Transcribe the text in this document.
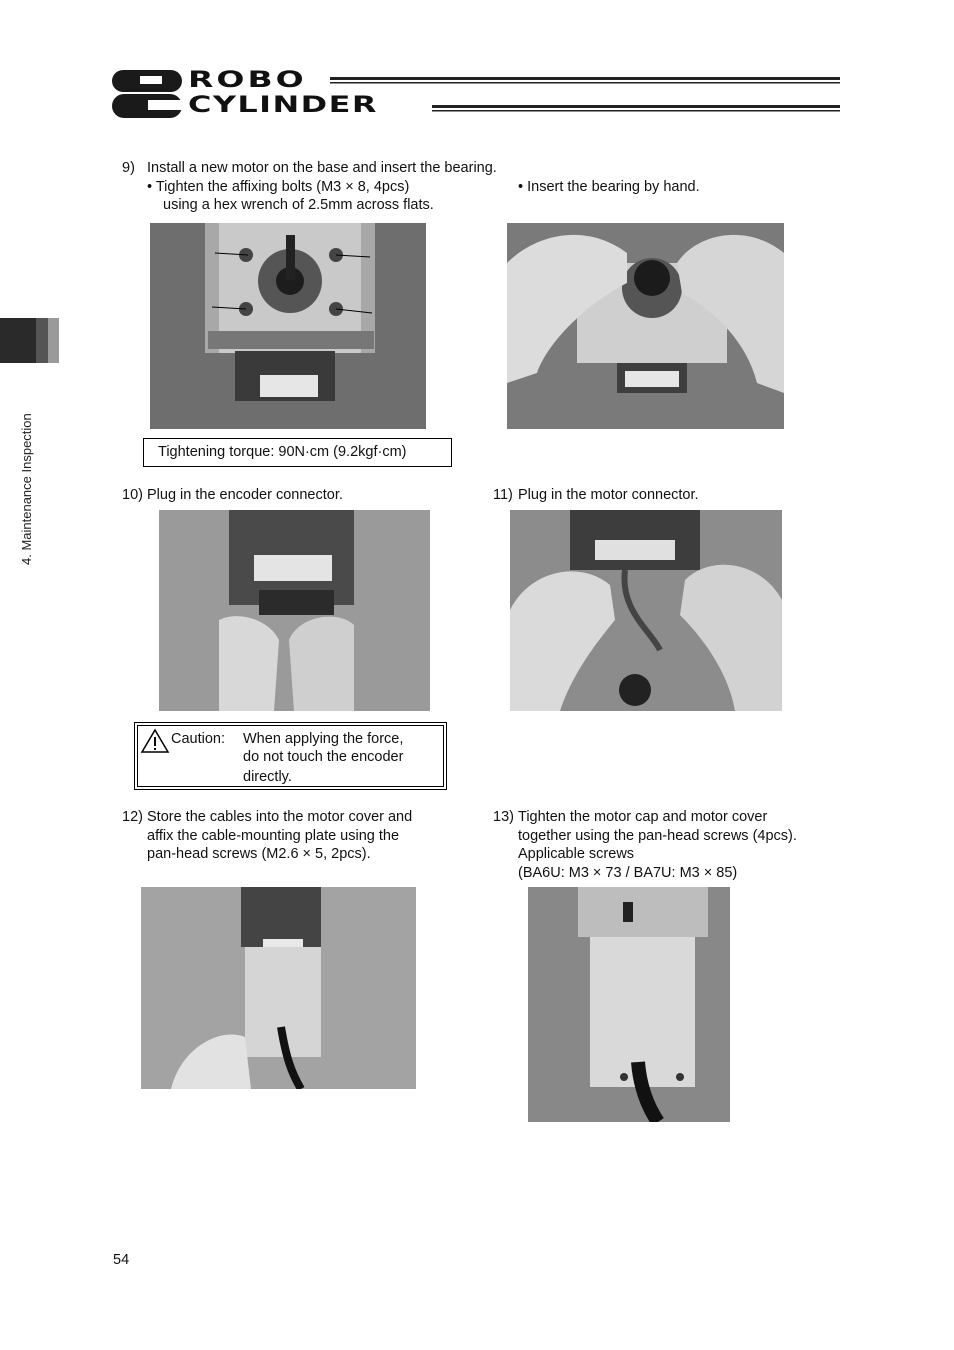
ROBO
CYLINDER
4. Maintenance Inspection
9) Install a new motor on the base and insert the bearing.
• Tighten the affixing bolts (M3 × 8, 4pcs)
using a hex wrench of 2.5mm across flats.
• Insert the bearing by hand.
Tightening torque: 90N·cm (9.2kgf·cm)
10) Plug in the encoder connector.
Caution: When applying the force,
do not touch the encoder
directly.
11) Plug in the motor connector.
12) Store the cables into the motor cover and
affix the cable-mounting plate using the
pan-head screws (M2.6 × 5, 2pcs).
13) Tighten the motor cap and motor cover
together using the pan-head screws (4pcs).
Applicable screws
(BA6U: M3 × 73 / BA7U: M3 × 85)
54
